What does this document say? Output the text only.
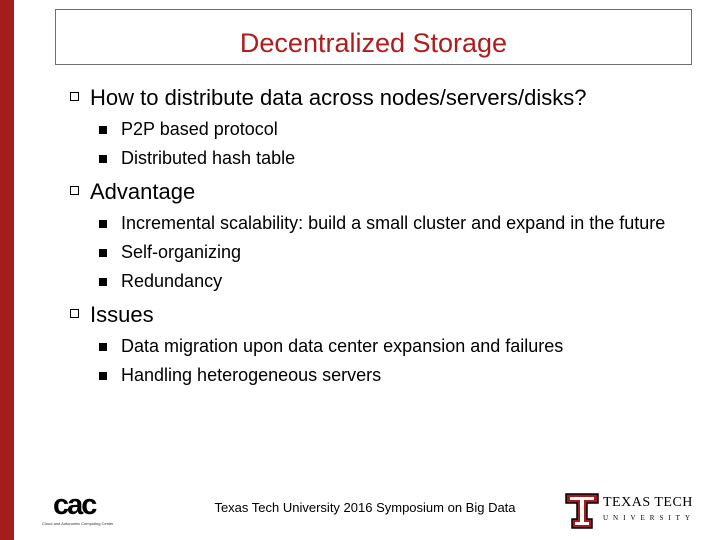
Decentralized Storage
How to distribute data across nodes/servers/disks?
P2P based protocol
Distributed hash table
Advantage
Incremental scalability: build a small cluster and expand in the future
Self-organizing
Redundancy
Issues
Data migration upon data center expansion and failures
Handling heterogeneous servers
cac
Cloud and Autonomic Computing Center
Texas Tech University 2016 Symposium on Big Data	TEXAS TECH
UNIVERSITY
